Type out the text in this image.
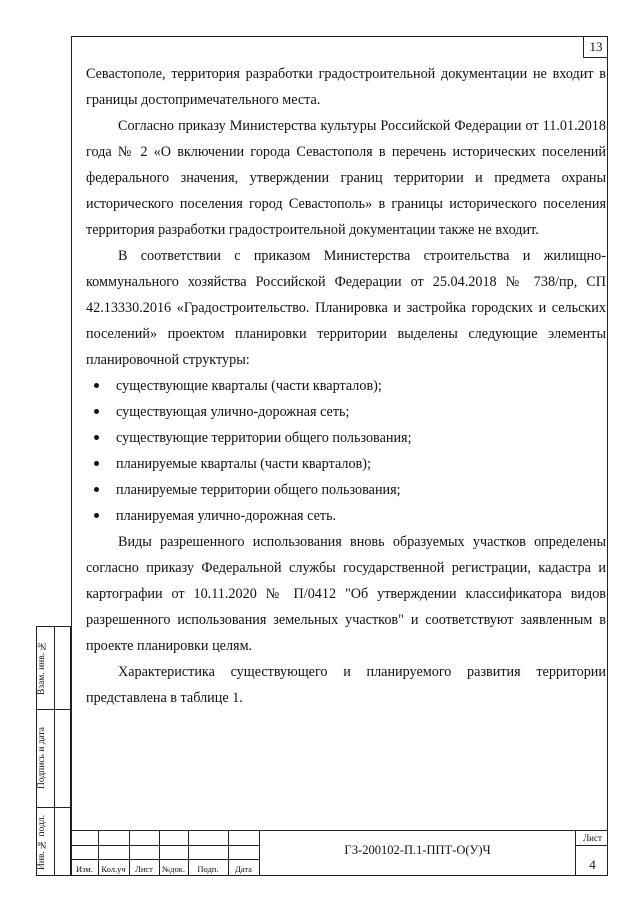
13

Севастополе, территория разработки градостроительной документации не входит в границы достопримечательного места.

Согласно приказу Министерства культуры Российской Федерации от 11.01.2018 года № 2 «О включении города Севастополя в перечень исторических поселений федерального значения, утверждении границ территории и предмета охраны исторического поселения город Севастополь» в границы исторического поселения территория разработки градостроительной документации также не входит.

В соответствии с приказом Министерства строительства и жилищно-коммунального хозяйства Российской Федерации от 25.04.2018 № 738/пр, СП 42.13330.2016 «Градостроительство. Планировка и застройка городских и сельских поселений» проектом планировки территории выделены следующие элементы планировочной структуры:

существующие кварталы (части кварталов);
существующая улично-дорожная сеть;
существующие территории общего пользования;
планируемые кварталы (части кварталов);
планируемые территории общего пользования;
планируемая улично-дорожная сеть.

Виды разрешенного использования вновь образуемых участков определены согласно приказу Федеральной службы государственной регистрации, кадастра и картографии от 10.11.2020 № П/0412 "Об утверждении классификатора видов разрешенного использования земельных участков" и соответствуют заявленным в проекте планировки целям.

Характеристика существующего и планируемого развития территории представлена в таблице 1.

Взам. инв. №
Подпись и дата
Инв. № подл.	Изм. Кол.уч	Лист	№док.	Подп.	Дата
ГЗ-200102-П.1-ППТ-О(У)Ч
Лист
4
